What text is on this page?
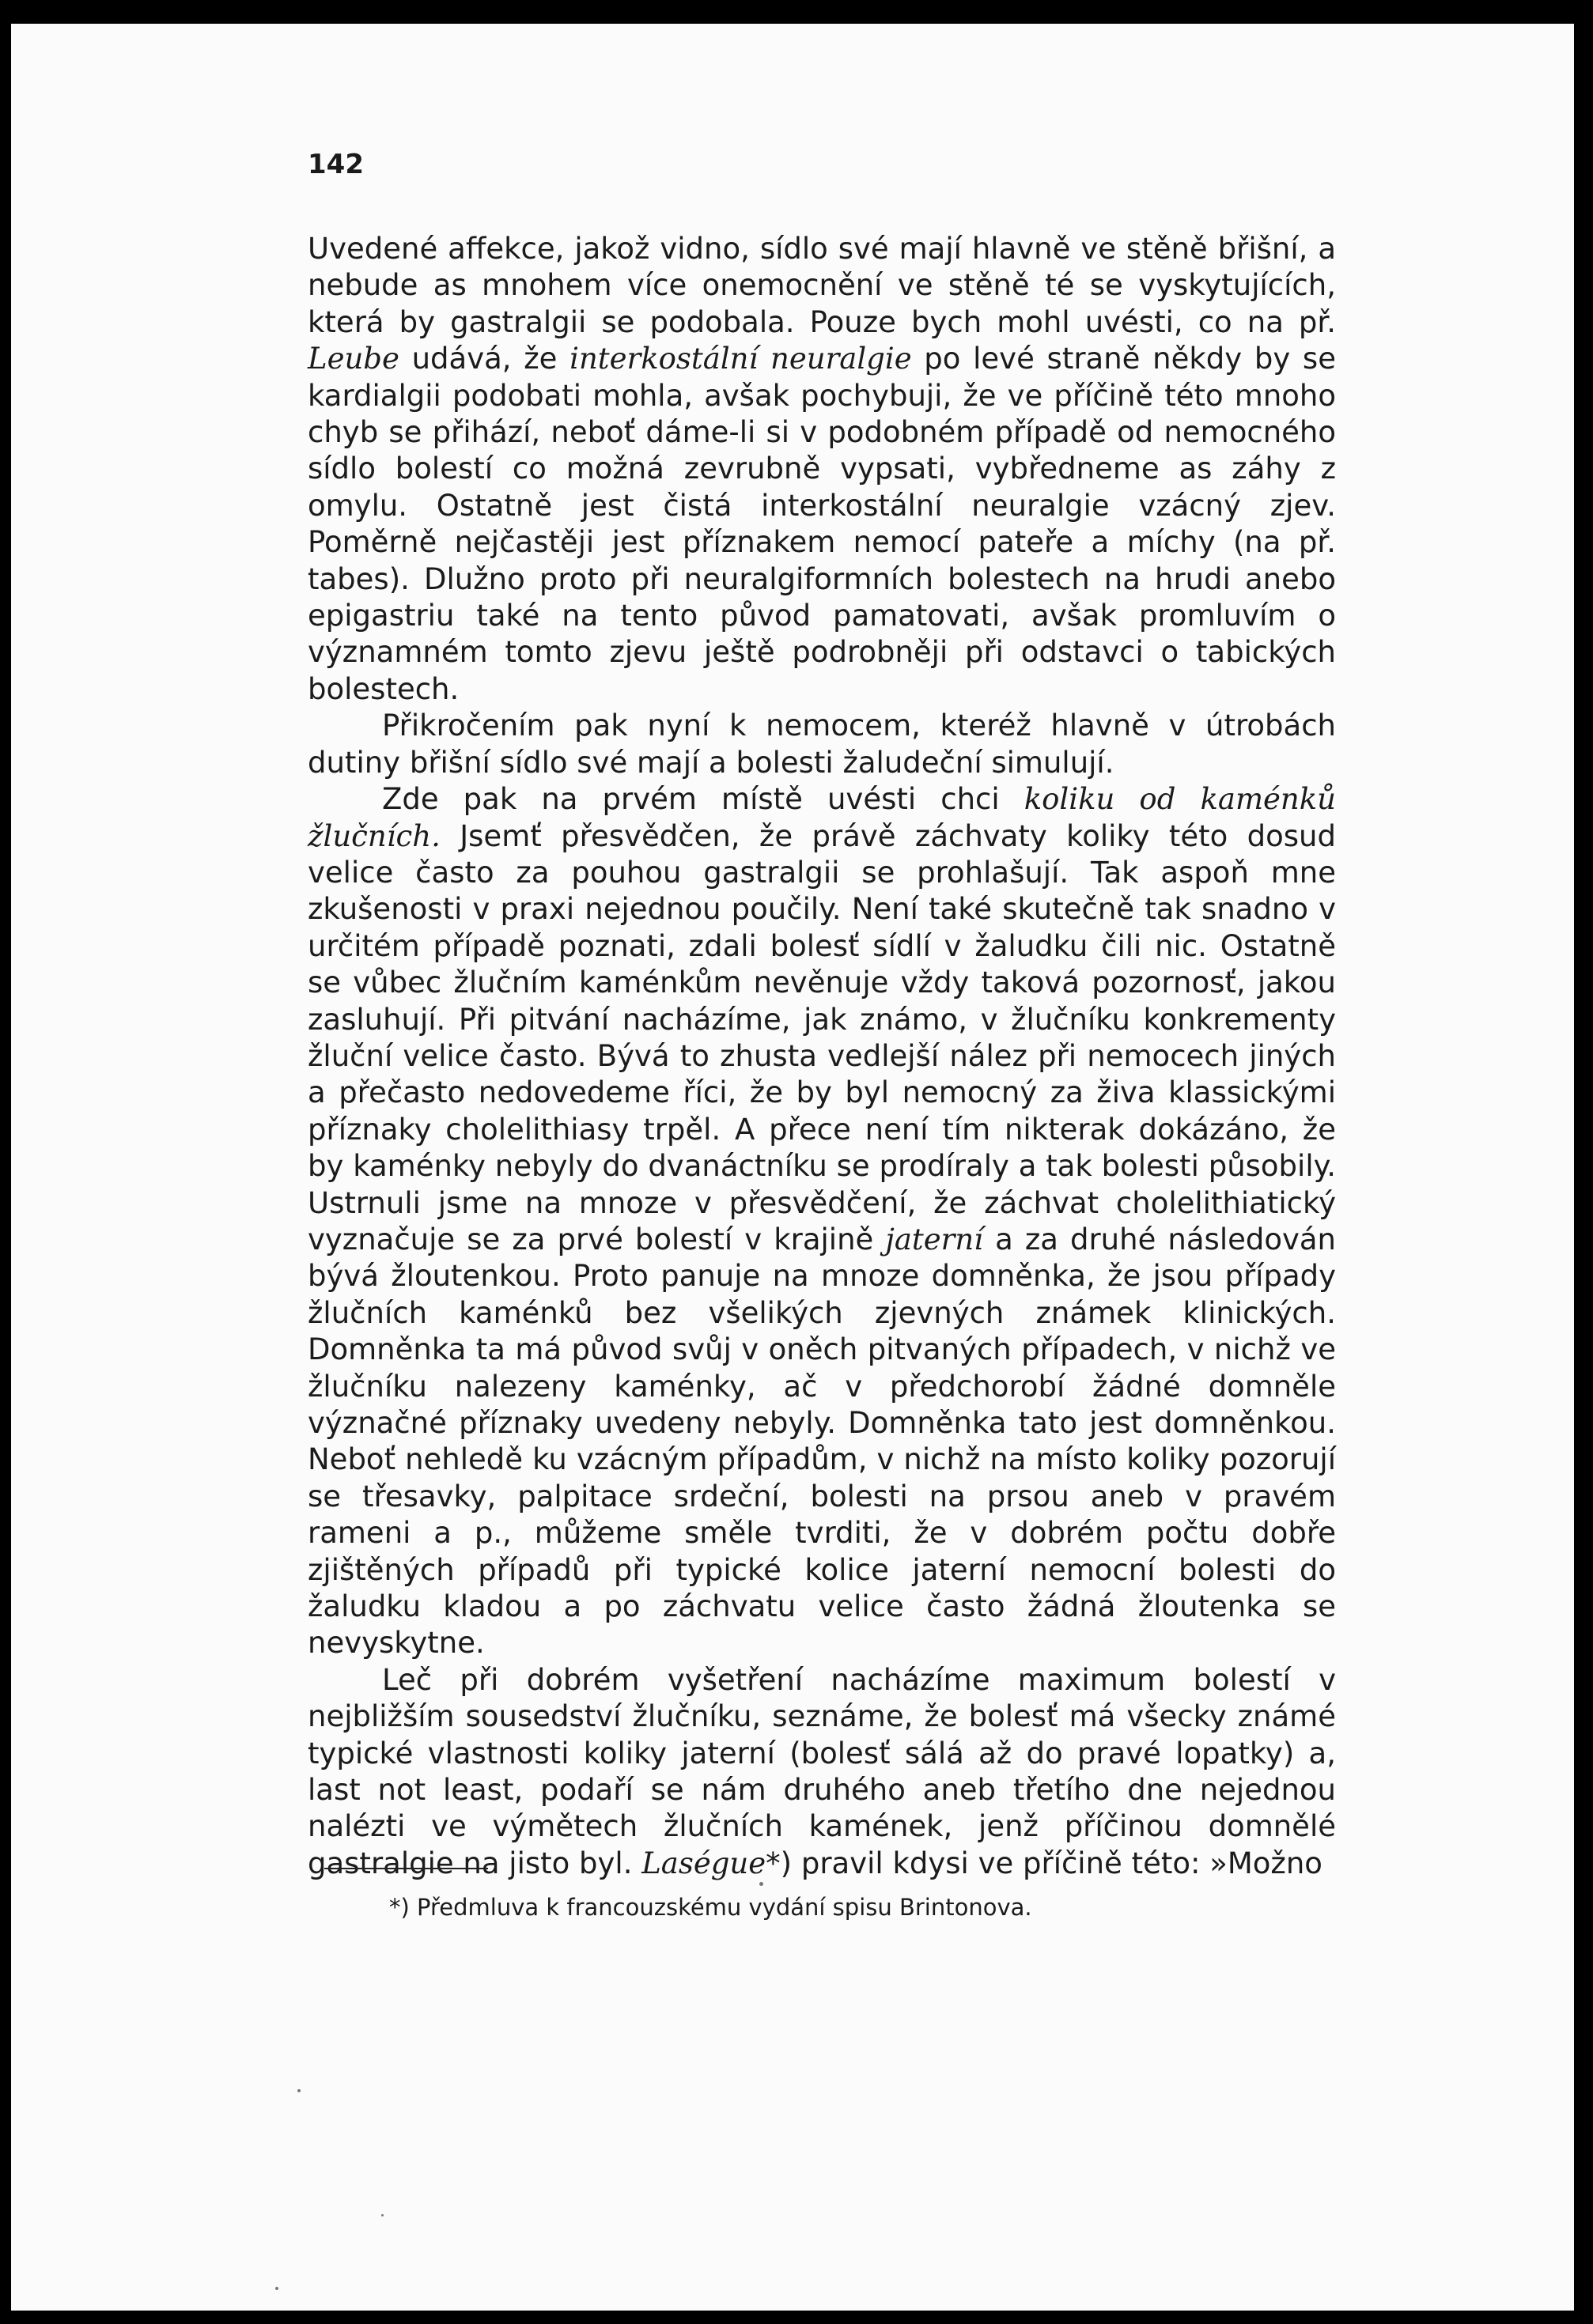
142

Uvedené affekce, jakož vidno, sídlo své mají hlavně ve stěně břišní, a nebude as mnohem více onemocnění ve stěně té se vyskytujících, která by gastralgii se podobala. Pouze bych mohl uvésti, co na př. Leube udává, že interkostální neuralgie po levé straně někdy by se kardialgii podobati mohla, avšak pochybuji, že ve příčině této mnoho chyb se přihází, neboť dáme-li si v podobném případě od nemocného sídlo bolestí co možná zevrubně vypsati, vybředneme as záhy z omylu. Ostatně jest čistá interkostální neuralgie vzácný zjev. Poměrně nejčastěji jest příznakem nemocí pateře a míchy (na př. tabes). Dlužno proto při neuralgiformních bolestech na hrudi anebo epigastriu také na tento původ pamatovati, avšak promluvím o významném tomto zjevu ještě podrobněji při odstavci o tabických bolestech.

Přikročením pak nyní k nemocem, kteréž hlavně v útrobách dutiny břišní sídlo své mají a bolesti žaludeční simulují.

Zde pak na prvém místě uvésti chci koliku od kaménků žlučních. Jsemť přesvědčen, že právě záchvaty koliky této dosud velice často za pouhou gastralgii se prohlašují. Tak aspoň mne zkušenosti v praxi nejednou poučily. Není také skutečně tak snadno v určitém případě poznati, zdali bolesť sídlí v žaludku čili nic. Ostatně se vůbec žlučním kaménkům nevěnuje vždy taková pozornosť, jakou zasluhují. Při pitvání nacházíme, jak známo, v žlučníku konkrementy žluční velice často. Bývá to zhusta vedlejší nález při nemocech jiných a přečasto nedovedeme říci, že by byl nemocný za živa klassickými příznaky cholelithiasy trpěl. A přece není tím nikterak dokázáno, že by kaménky nebyly do dvanáctníku se prodíraly a tak bolesti působily. Ustrnuli jsme na mnoze v přesvědčení, že záchvat cholelithiatický vyznačuje se za prvé bolestí v krajině jaterní a za druhé následován bývá žloutenkou. Proto panuje na mnoze domněnka, že jsou případy žlučních kaménků bez všelikých zjevných známek klinických. Domněnka ta má původ svůj v oněch pitvaných případech, v nichž ve žlučníku nalezeny kaménky, ač v předchorobí žádné domněle význačné příznaky uvedeny nebyly. Domněnka tato jest domněnkou. Neboť nehledě ku vzácným případům, v nichž na místo koliky pozorují se třesavky, palpitace srdeční, bolesti na prsou aneb v pravém rameni a p., můžeme směle tvrditi, že v dobrém počtu dobře zjištěných případů při typické kolice jaterní nemocní bolesti do žaludku kladou a po záchvatu velice často žádná žloutenka se nevyskytne.

Leč při dobrém vyšetření nacházíme maximum bolestí v nejbližším sousedství žlučníku, seznáme, že bolesť má všecky známé typické vlastnosti koliky jaterní (bolesť sálá až do pravé lopatky) a, last not least, podaří se nám druhého aneb třetího dne nejednou nalézti ve výmětech žlučních kamének, jenž příčinou domnělé gastralgie na jisto byl. Laségue*) pravil kdysi ve příčině této: »Možno

*) Předmluva k francouzskému vydání spisu Brintonova.
